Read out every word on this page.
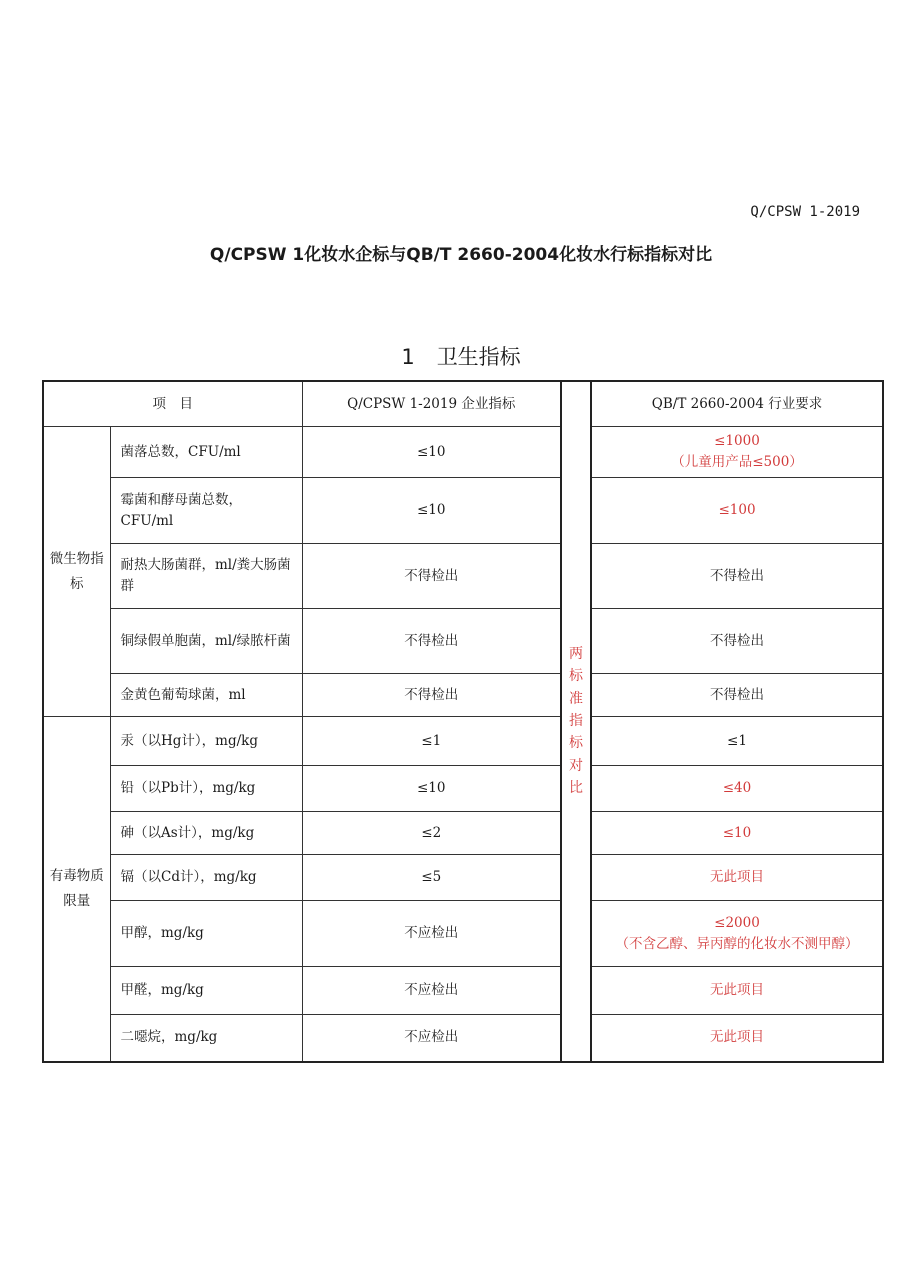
Q/CPSW 1-2019
Q/CPSW 1化妆水企标与QB/T 2660-2004化妆水行标指标对比
1 卫生指标
项　目		Q/CPSW 1-2019 企业指标	两标准指标对比	QB/T 2660-2004 行业要求
微生物指标	菌落总数，CFU/ml	≤10		≤1000
（儿童用产品≤500）

	霉菌和酵母菌总数，CFU/ml	≤10		≤100
	耐热大肠菌群，ml/粪大肠菌群	不得检出		不得检出
	铜绿假单胞菌，ml/绿脓杆菌	不得检出		不得检出
	金黄色葡萄球菌，ml	不得检出		不得检出
有毒物质限量	汞（以Hg计），mg/kg	≤1		≤1
	铅（以Pb计），mg/kg	≤10		≤40
	砷（以As计），mg/kg	≤2		≤10
	镉（以Cd计），mg/kg	≤5		无此项目
	甲醇，mg/kg	不应检出		≤2000
（不含乙醇、异丙醇的化妆水不测甲醇）

	甲醛，mg/kg	不应检出		无此项目
	二噁烷，mg/kg	不应检出		无此项目
